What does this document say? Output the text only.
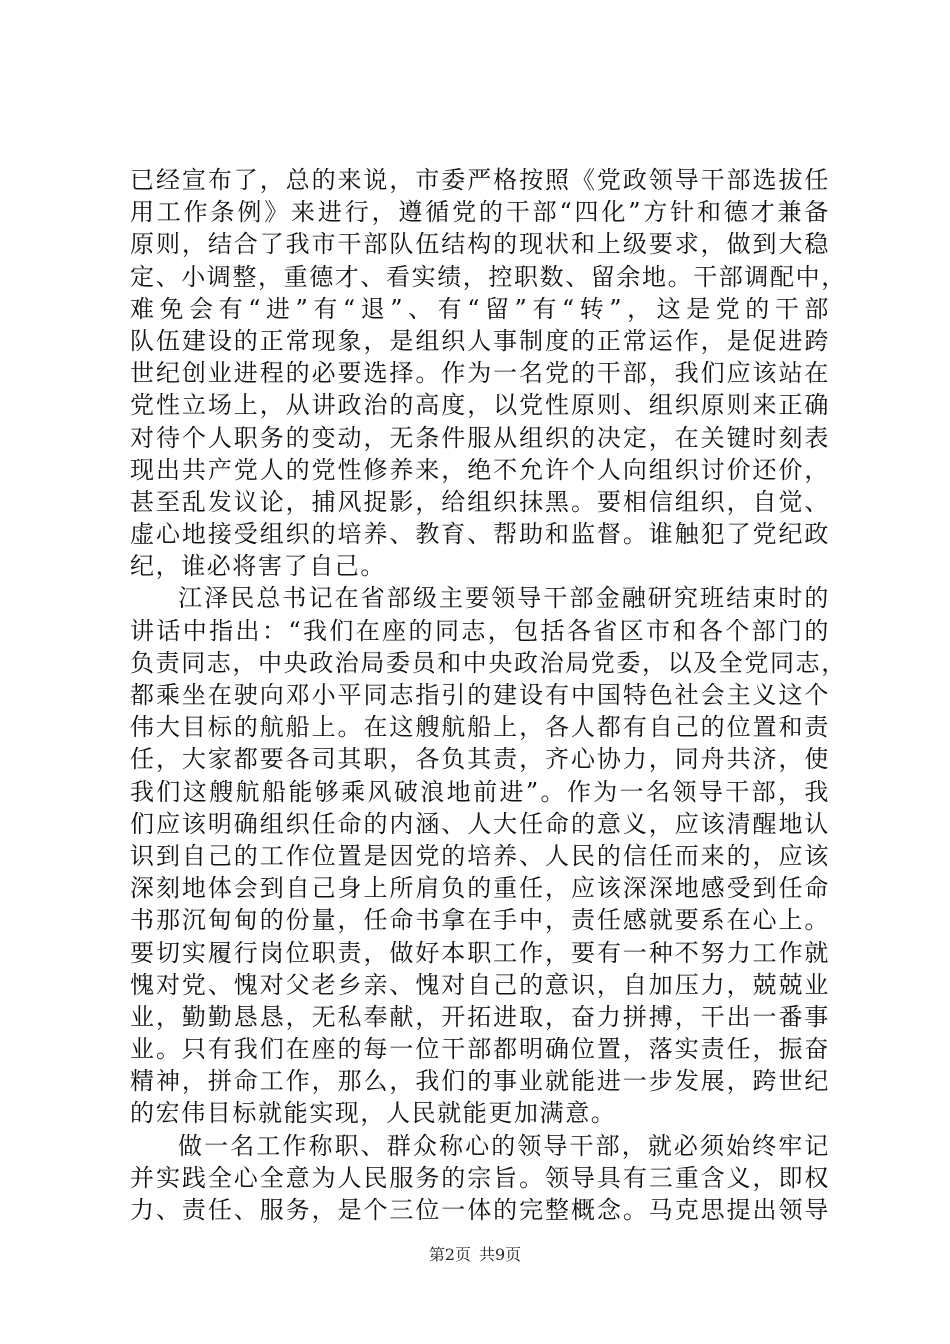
已经宣布了，总的来说，市委严格按照《党政领导干部选拔任
用工作条例》来进行，遵循党的干部“四化”方针和德才兼备
原则，结合了我市干部队伍结构的现状和上级要求，做到大稳
定、小调整，重德才、看实绩，控职数、留余地。干部调配中，
难免会有“进”有“退”、有“留”有“转”，这是党的干部
队伍建设的正常现象，是组织人事制度的正常运作，是促进跨
世纪创业进程的必要选择。作为一名党的干部，我们应该站在
党性立场上，从讲政治的高度，以党性原则、组织原则来正确
对待个人职务的变动，无条件服从组织的决定，在关键时刻表
现出共产党人的党性修养来，绝不允许个人向组织讨价还价，
甚至乱发议论，捕风捉影，给组织抹黑。要相信组织，自觉、
虚心地接受组织的培养、教育、帮助和监督。谁触犯了党纪政
纪，谁必将害了自己。
江泽民总书记在省部级主要领导干部金融研究班结束时的
讲话中指出：“我们在座的同志，包括各省区市和各个部门的
负责同志，中央政治局委员和中央政治局党委，以及全党同志，
都乘坐在驶向邓小平同志指引的建设有中国特色社会主义这个
伟大目标的航船上。在这艘航船上，各人都有自己的位置和责
任，大家都要各司其职，各负其责，齐心协力，同舟共济，使
我们这艘航船能够乘风破浪地前进”。作为一名领导干部，我
们应该明确组织任命的内涵、人大任命的意义，应该清醒地认
识到自己的工作位置是因党的培养、人民的信任而来的，应该
深刻地体会到自己身上所肩负的重任，应该深深地感受到任命
书那沉甸甸的份量，任命书拿在手中，责任感就要系在心上。
要切实履行岗位职责，做好本职工作，要有一种不努力工作就
愧对党、愧对父老乡亲、愧对自己的意识，自加压力，兢兢业
业，勤勤恳恳，无私奉献，开拓进取，奋力拼搏，干出一番事
业。只有我们在座的每一位干部都明确位置，落实责任，振奋
精神，拼命工作，那么，我们的事业就能进一步发展，跨世纪
的宏伟目标就能实现，人民就能更加满意。
做一名工作称职、群众称心的领导干部，就必须始终牢记
并实践全心全意为人民服务的宗旨。领导具有三重含义，即权
力、责任、服务，是个三位一体的完整概念。马克思提出领导
第2页 共9页
